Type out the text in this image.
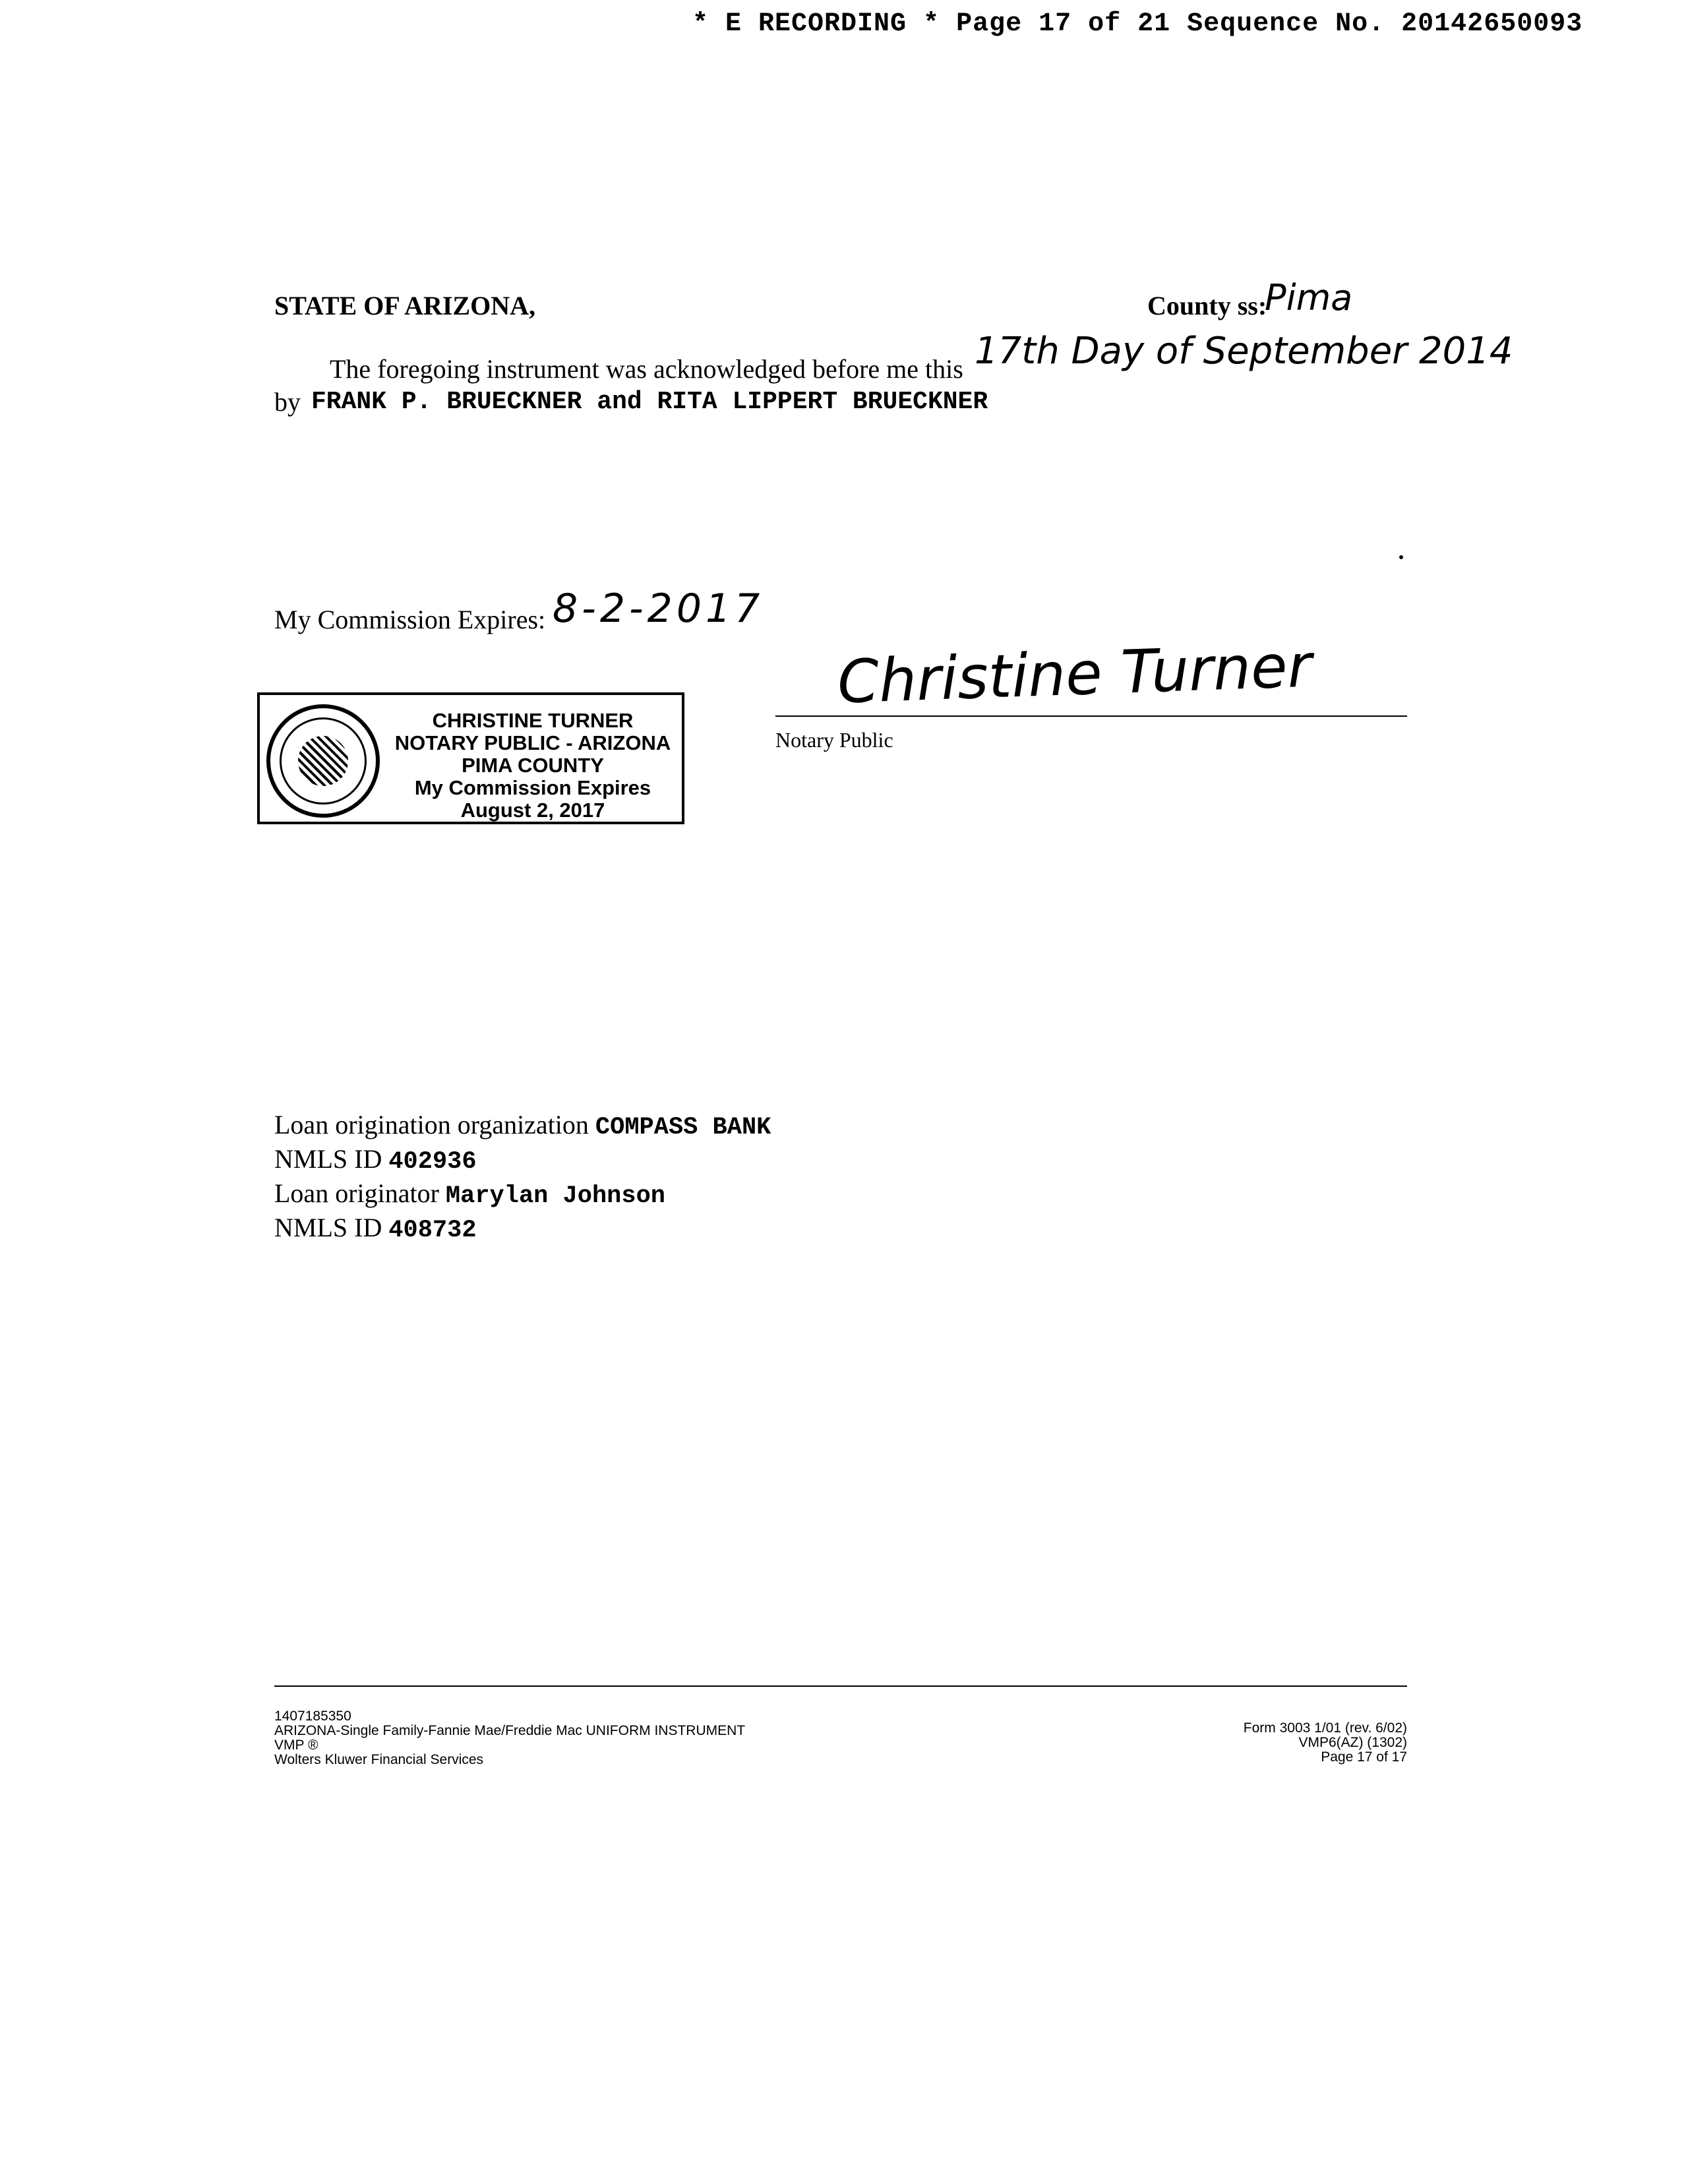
* E RECORDING * Page 17 of 21 Sequence No. 20142650093
STATE OF ARIZONA,	County ss:
Pima
The foregoing instrument was acknowledged before me this 17th Day of September 2014
by FRANK P. BRUECKNER and RITA LIPPERT BRUECKNER
My Commission Expires: 8-2-2017
Christine Turner
Notary Public
CHRISTINE TURNER
NOTARY PUBLIC - ARIZONA
PIMA COUNTY
My Commission Expires
August 2, 2017
Loan origination organization COMPASS BANK
NMLS ID 402936
Loan originator Marylan Johnson
NMLS ID 408732
1407185350
ARIZONA-Single Family-Fannie Mae/Freddie Mac UNIFORM INSTRUMENT
VMP ®
Wolters Kluwer Financial Services
Form 3003 1/01 (rev. 6/02)
VMP6(AZ) (1302)
Page 17 of 17
